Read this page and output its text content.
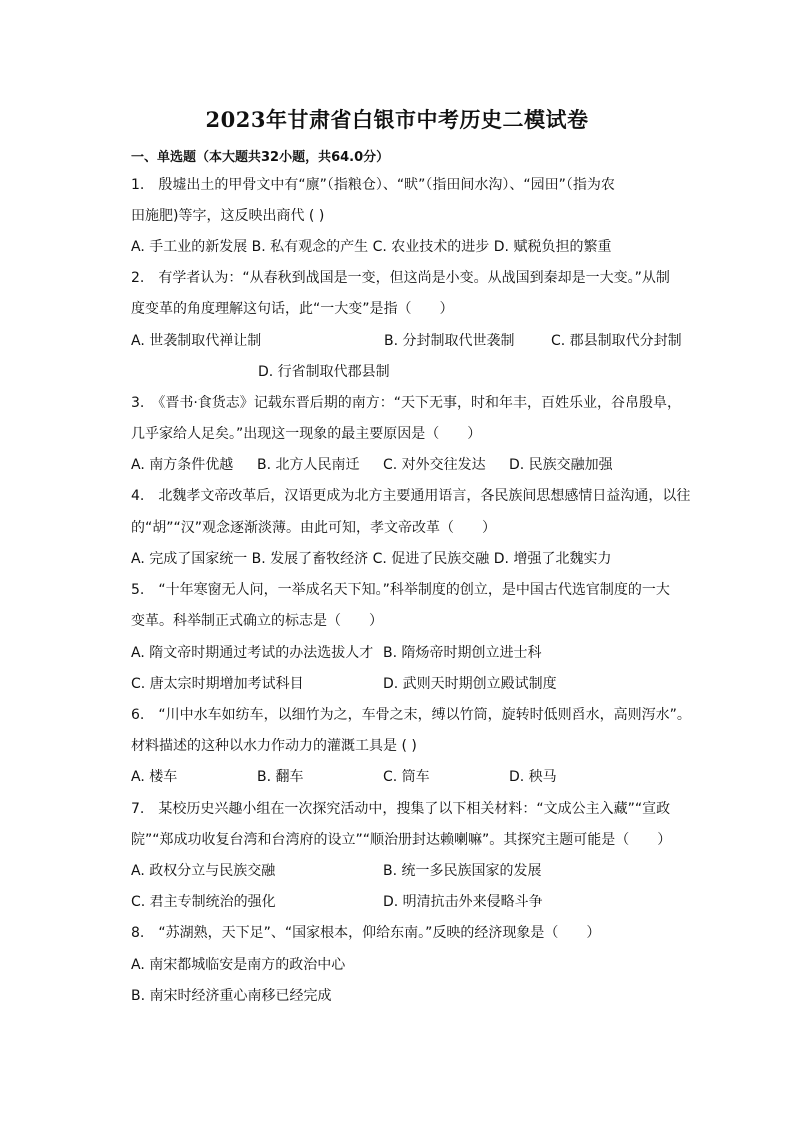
2023年甘肃省白银市中考历史二模试卷
一、单选题（本大题共32小题，共64.0分）
1.　殷墟出土的甲骨文中有“廪”（指粮仓）、“畎”（指田间水沟）、“园田”（指为农
田施肥)等字，这反映出商代 ( )
A. 手工业的新发展 B. 私有观念的产生 C. 农业技术的进步 D. 赋税负担的繁重
2.　有学者认为：“从春秋到战国是一变，但这尚是小变。从战国到秦却是一大变。”从制
度变革的角度理解这句话，此“一大变”是指（　　）
A. 世袭制取代禅让制	B. 分封制取代世袭制	C. 郡县制取代分封制
D. 行省制取代郡县制
3.　《晋书·食货志》记载东晋后期的南方：“天下无事，时和年丰，百姓乐业，谷帛殷阜，
几乎家给人足矣。”出现这一现象的最主要原因是（　　）
A. 南方条件优越 B. 北方人民南迁 C. 对外交往发达 D. 民族交融加强
4.　北魏孝文帝改革后，汉语更成为北方主要通用语言，各民族间思想感情日益沟通，以往
的“胡”“汉”观念逐渐淡薄。由此可知，孝文帝改革（　　）
A. 完成了国家统一 B. 发展了畜牧经济 C. 促进了民族交融 D. 增强了北魏实力
5.　“十年寒窗无人问，一举成名天下知。”科举制度的创立，是中国古代选官制度的一大
变革。科举制正式确立的标志是（　　）
A. 隋文帝时期通过考试的办法选拔人才 B. 隋炀帝时期创立进士科
C. 唐太宗时期增加考试科目	D. 武则天时期创立殿试制度
6.　“川中水车如纺车，以细竹为之，车骨之末，缚以竹筒，旋转时低则舀水，高则泻水”。
材料描述的这种以水力作动力的灌溉工具是 ( )
A. 楼车	B. 翻车	C. 筒车	D. 秧马
7.　某校历史兴趣小组在一次探究活动中，搜集了以下相关材料：“文成公主入藏”“宣政
院”“郑成功收复台湾和台湾府的设立”“顺治册封达赖喇嘛”。其探究主题可能是（　　）
A. 政权分立与民族交融	B. 统一多民族国家的发展
C. 君主专制统治的强化	D. 明清抗击外来侵略斗争
8.　“苏湖熟，天下足”、“国家根本，仰给东南。”反映的经济现象是（　　）
A. 南宋都城临安是南方的政治中心
B. 南宋时经济重心南移已经完成
